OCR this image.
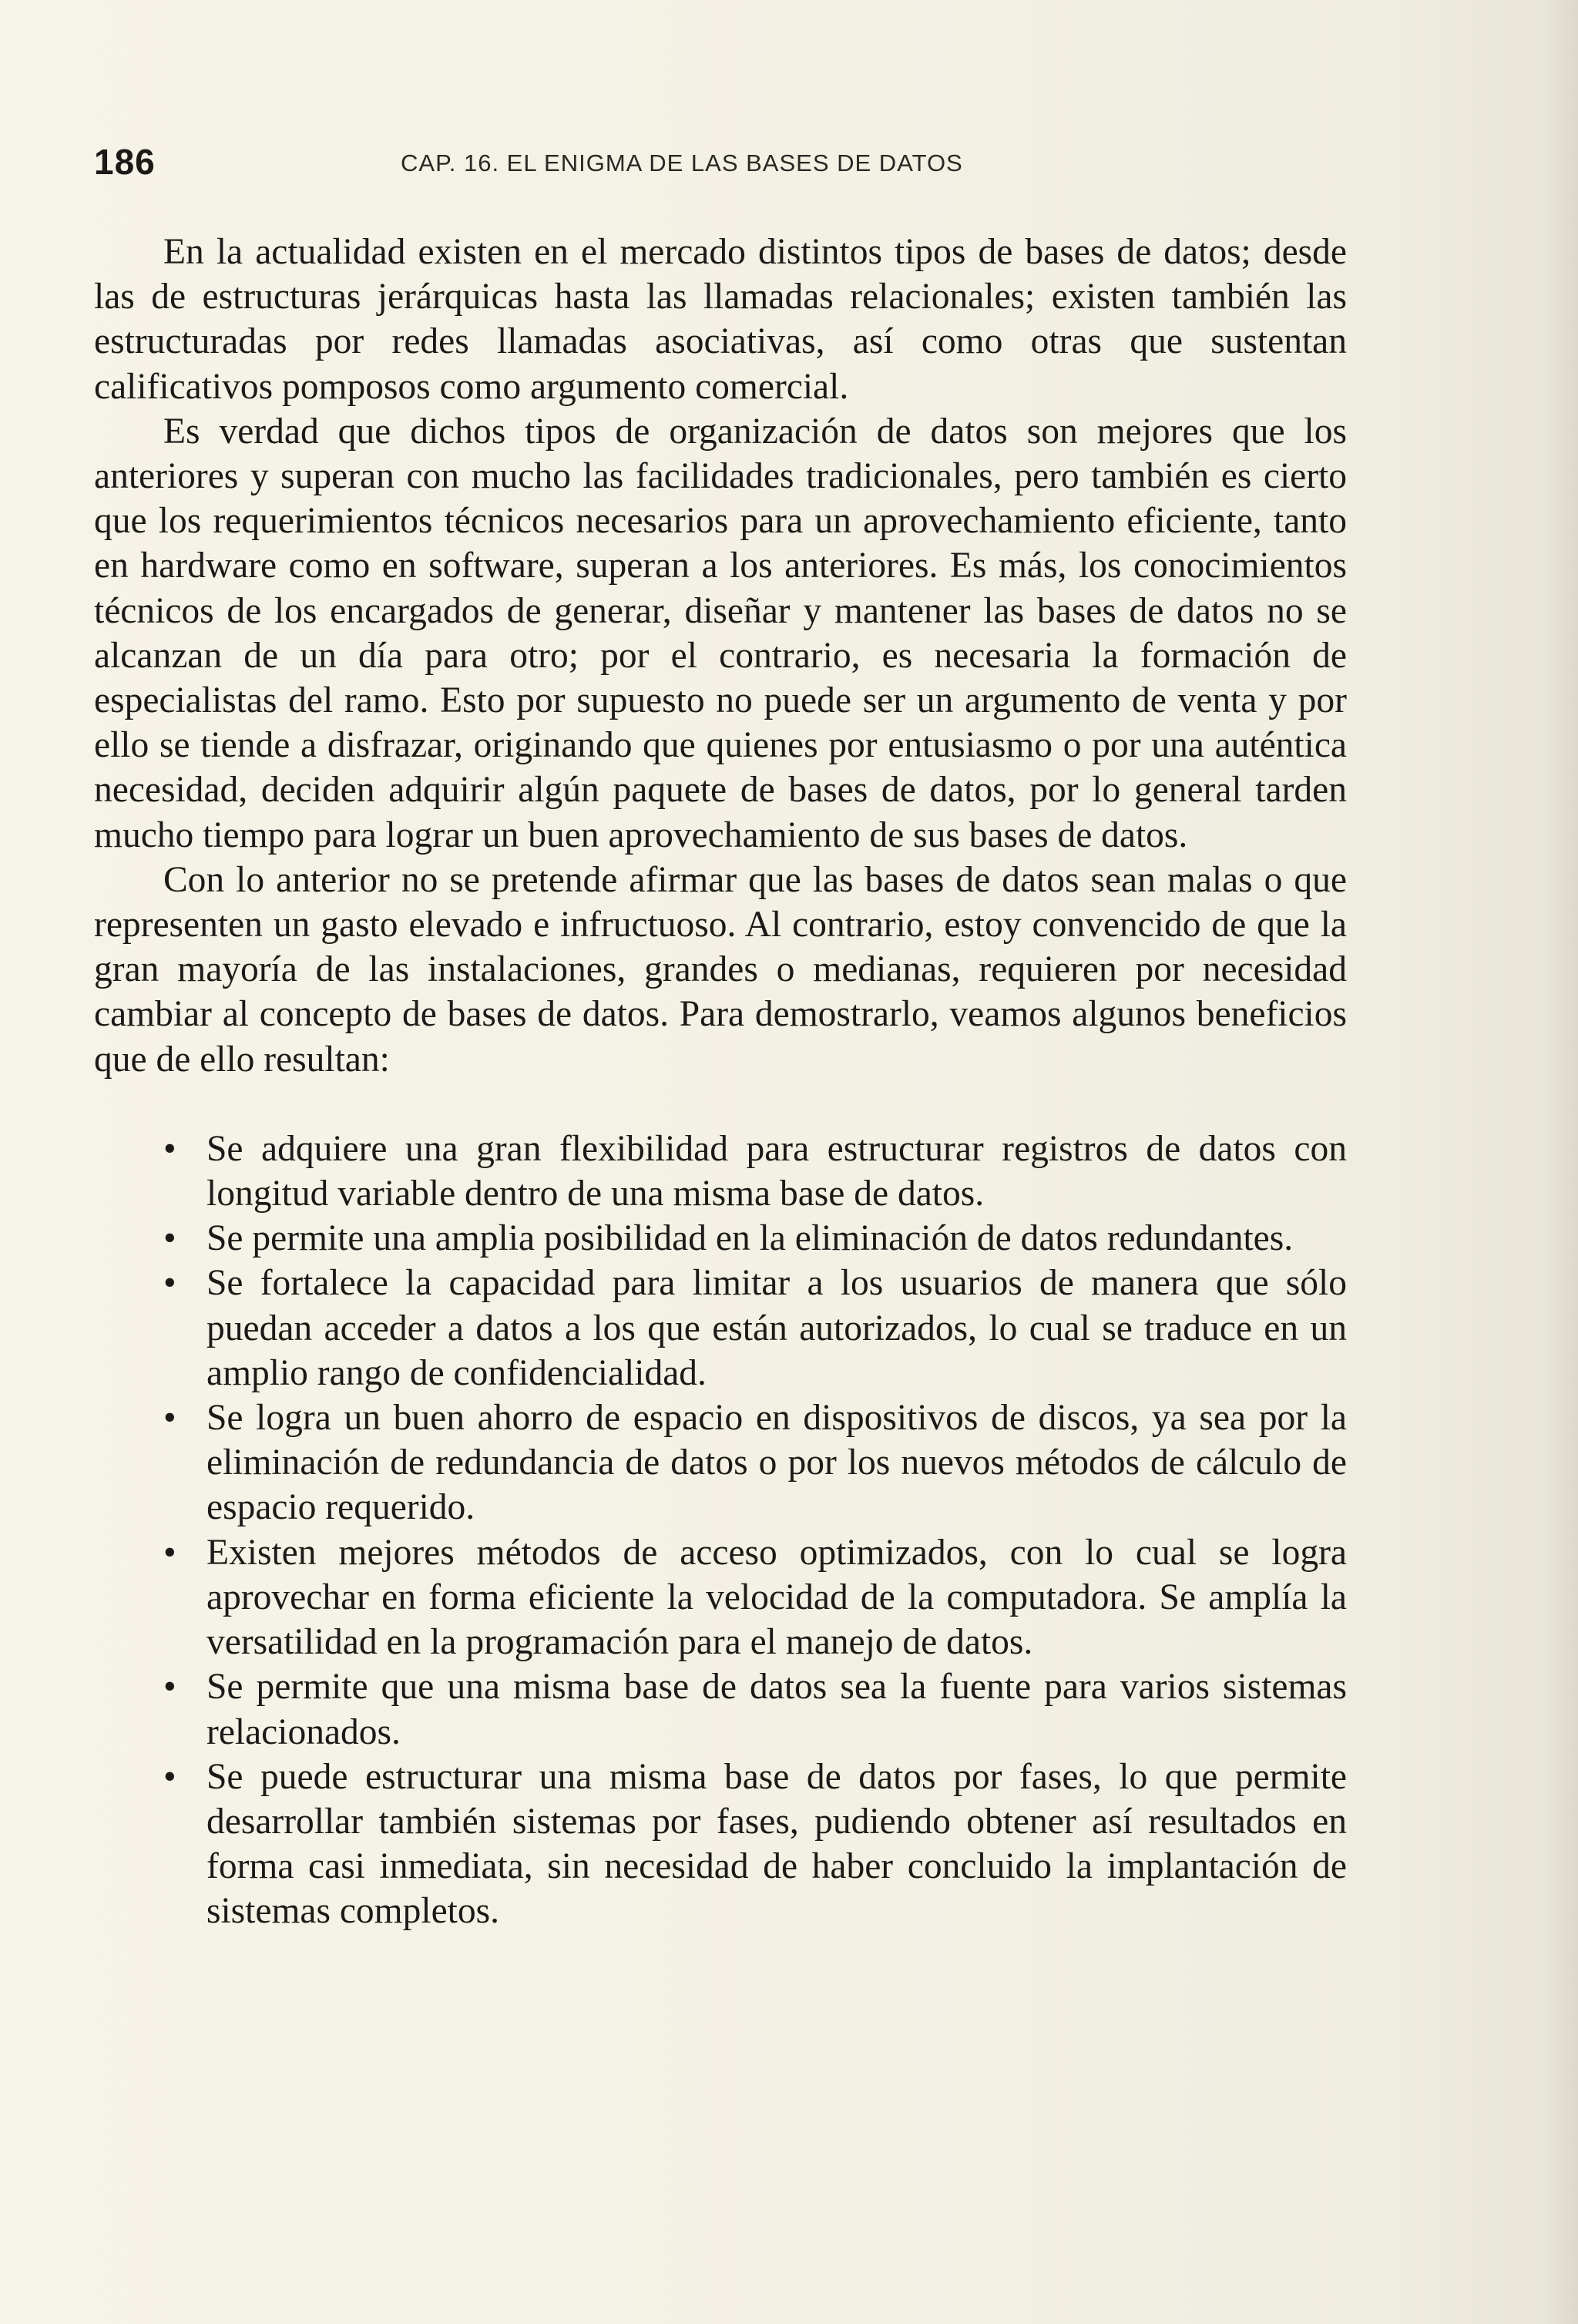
186	CAP. 16. EL ENIGMA DE LAS BASES DE DATOS

En la actualidad existen en el mercado distintos tipos de bases de datos; desde las de estructuras jerárquicas hasta las llamadas relacionales; existen también las estructuradas por redes llamadas asociativas, así como otras que sustentan calificativos pomposos como argumento comercial.

Es verdad que dichos tipos de organización de datos son mejores que los anteriores y superan con mucho las facilidades tradicionales, pero también es cierto que los requerimientos técnicos necesarios para un aprovechamiento eficiente, tanto en hardware como en software, superan a los anteriores. Es más, los conocimientos técnicos de los encargados de generar, diseñar y mantener las bases de datos no se alcanzan de un día para otro; por el contrario, es necesaria la formación de especialistas del ramo. Esto por supuesto no puede ser un argumento de venta y por ello se tiende a disfrazar, originando que quienes por entusiasmo o por una auténtica necesidad, deciden adquirir algún paquete de bases de datos, por lo general tarden mucho tiempo para lograr un buen aprovechamiento de sus bases de datos.

Con lo anterior no se pretende afirmar que las bases de datos sean malas o que representen un gasto elevado e infructuoso. Al contrario, estoy convencido de que la gran mayoría de las instalaciones, grandes o medianas, requieren por necesidad cambiar al concepto de bases de datos. Para demostrarlo, veamos algunos beneficios que de ello resultan:

• Se adquiere una gran flexibilidad para estructurar registros de datos con longitud variable dentro de una misma base de datos.
• Se permite una amplia posibilidad en la eliminación de datos redundantes.
• Se fortalece la capacidad para limitar a los usuarios de manera que sólo puedan acceder a datos a los que están autorizados, lo cual se traduce en un amplio rango de confidencialidad.
• Se logra un buen ahorro de espacio en dispositivos de discos, ya sea por la eliminación de redundancia de datos o por los nuevos métodos de cálculo de espacio requerido.
• Existen mejores métodos de acceso optimizados, con lo cual se logra aprovechar en forma eficiente la velocidad de la computadora. Se amplía la versatilidad en la programación para el manejo de datos.
• Se permite que una misma base de datos sea la fuente para varios sistemas relacionados.
• Se puede estructurar una misma base de datos por fases, lo que permite desarrollar también sistemas por fases, pudiendo obtener así resultados en forma casi inmediata, sin necesidad de haber concluido la implantación de sistemas completos.
